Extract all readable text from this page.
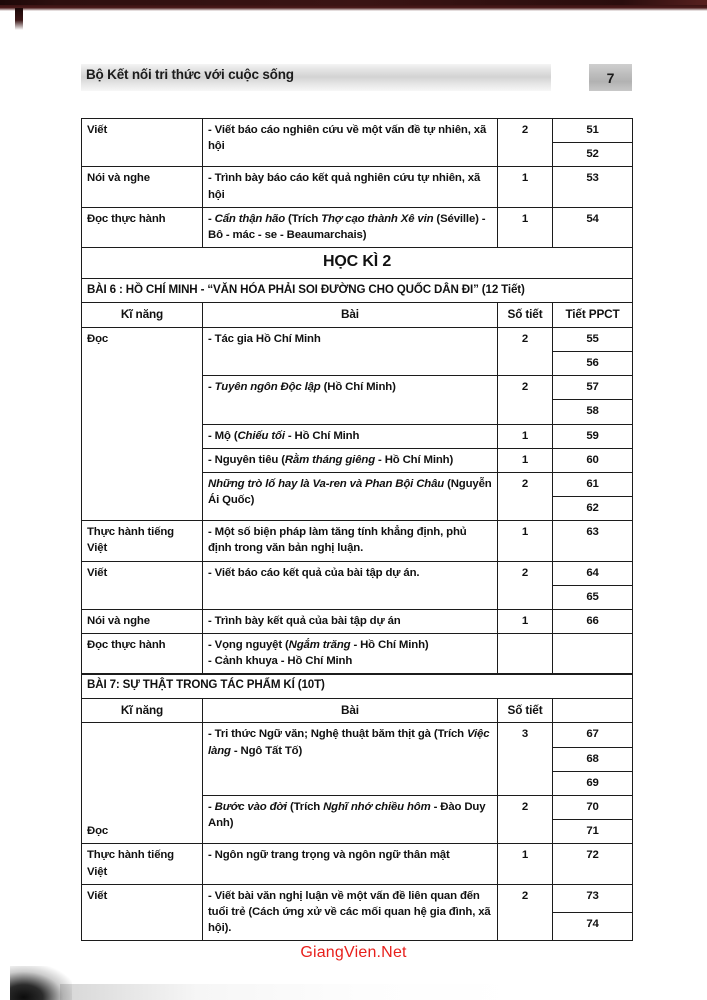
Bộ Kết nối tri thức với cuộc sống	7
Viết	- Viết báo cáo nghiên cứu về một vấn đề tự nhiên, xã hội	2	51
			52
Nói và nghe	- Trình bày báo cáo kết quả nghiên cứu tự nhiên, xã hội	1	53
Đọc thực hành	- Cẩn thận hão (Trích Thợ cạo thành Xê vin (Séville) - Bô - mác - se - Beaumarchais)	1	54
HỌC KÌ 2			
BÀI 6 : HỒ CHÍ MINH - “VĂN HÓA PHẢI SOI ĐƯỜNG CHO QUỐC DÂN ĐI” (12 Tiết)			
Kĩ năng	Bài	Số tiết	Tiết PPCT
Đọc	- Tác gia Hồ Chí Minh	2	55
			56
	- Tuyên ngôn Độc lập (Hồ Chí Minh)	2	57
			58
	- Mộ (Chiếu tối - Hồ Chí Minh	1	59
	- Nguyên tiêu (Rằm tháng giêng - Hồ Chí Minh)	1	60
	Những trò lố hay là Va-ren và Phan Bội Châu (Nguyễn Ái Quốc)	2	61
			62
Thực hành tiếng Việt	- Một số biện pháp làm tăng tính khẳng định, phủ định trong văn bản nghị luận.	1	63
Viết	- Viết báo cáo kết quả của bài tập dự án.	2	64
			65
Nói và nghe	- Trình bày kết quả của bài tập dự án	1	66
Đọc thực hành	- Vọng nguyệt (Ngắm trăng - Hồ Chí Minh)
- Cảnh khuya - Hồ Chí Minh		
BÀI 7: SỰ THẬT TRONG TÁC PHẨM KÍ (10T)			
Kĩ năng	Bài	Số tiết	
Đọc	- Tri thức Ngữ văn; Nghệ thuật băm thịt gà (Trích Việc làng - Ngô Tất Tố)	3	67
			68
			69
	- Bước vào đời (Trích Nghĩ nhớ chiều hôm - Đào Duy Anh)	2	70
			71
Thực hành tiếng Việt	- Ngôn ngữ trang trọng và ngôn ngữ thân mật	1	72
Viết	- Viết bài văn nghị luận về một vấn đề liên quan đến tuổi trẻ (Cách ứng xử về các mối quan hệ gia đình, xã hội).	2	73
			74
GiangVien.Net
